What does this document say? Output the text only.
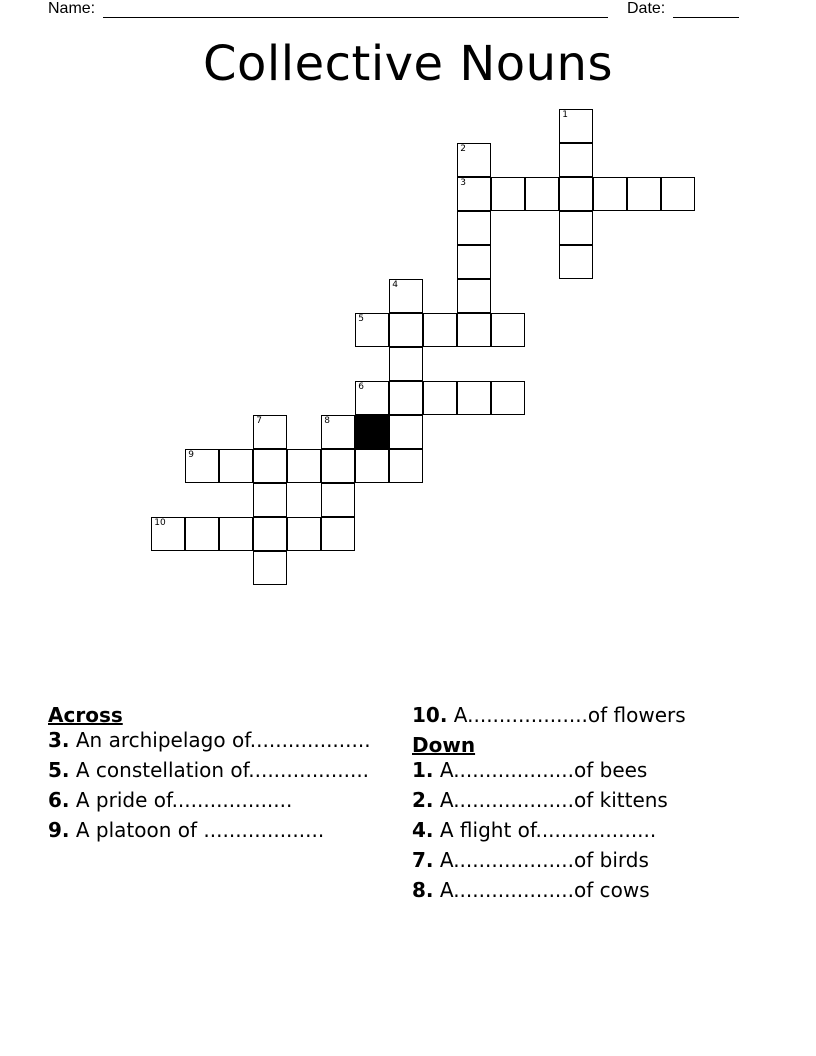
Name:	Date:
Collective Nouns
1
2
3
4
5
6
7	8
9
10
Across
3. An archipelago of...................
5. A constellation of...................
6. A pride of...................
9. A platoon of ...................
10. A...................of flowers
Down
1. A...................of bees
2. A...................of kittens
4. A flight of...................
7. A...................of birds
8. A...................of cows
